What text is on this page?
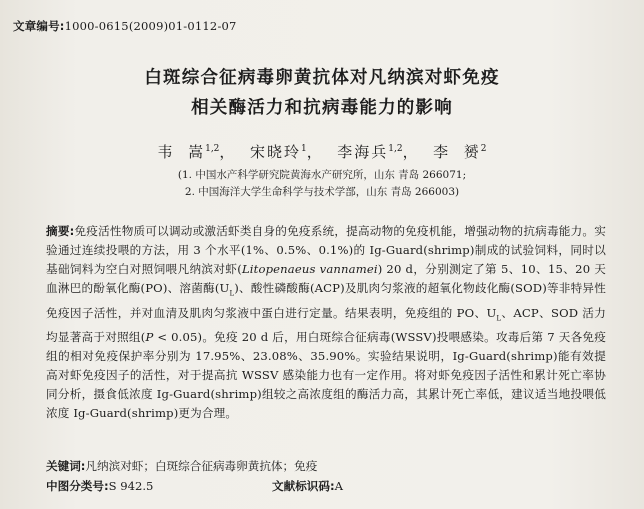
文章编号:1000-0615(2009)01-0112-07
白斑综合征病毒卵黄抗体对凡纳滨对虾免疫
相关酶活力和抗病毒能力的影响
韦  嵩$^{1,2}$，  宋晓玲$^1$，  李海兵$^{1,2}$，  李  赟$^2$
(1. 中国水产科学研究院黄海水产研究所，山东 青岛 266071;
2. 中国海洋大学生命科学与技术学部，山东 青岛 266003)
摘要:免疫活性物质可以调动或激活虾类自身的免疫系统，提高动物的免疫机能，增强动物的抗病毒能力。实验通过连续投喂的方法，用 3 个水平(1%、0.5%、0.1%)的 Ig-Guard(shrimp)制成的试验饲料，同时以基础饲料为空白对照饲喂凡纳滨对虾(Litopenaeus vannamei) 20 d，分别测定了第 5、10、15、20 天血淋巴的酚氧化酶(PO)、溶菌酶$(U_L)$、酸性磷酸酶(ACP)及肌肉匀浆液的超氧化物歧化酶(SOD)等非特异性免疫因子活性，并对血清及肌肉匀浆液中蛋白进行定量。结果表明，免疫组的 PO、$U_L$、ACP、SOD 活力均显著高于对照组(P < 0.05)。免疫 20 d 后，用白斑综合征病毒(WSSV)投喂感染。攻毒后第 7 天各免疫组的相对免疫保护率分别为 17.95%、23.08%、35.90%。实验结果说明，Ig-Guard(shrimp)能有效提高对虾免疫因子的活性，对于提高抗 WSSV 感染能力也有一定作用。将对虾免疫因子活性和累计死亡率协同分析，摄食低浓度 Ig-Guard(shrimp)组较之高浓度组的酶活力高，其累计死亡率低，建议适当地投喂低浓度 Ig-Guard(shrimp)更为合理。
关键词:凡纳滨对虾；白斑综合征病毒卵黄抗体；免疫
中图分类号:S 942.5	文献标识码:A
